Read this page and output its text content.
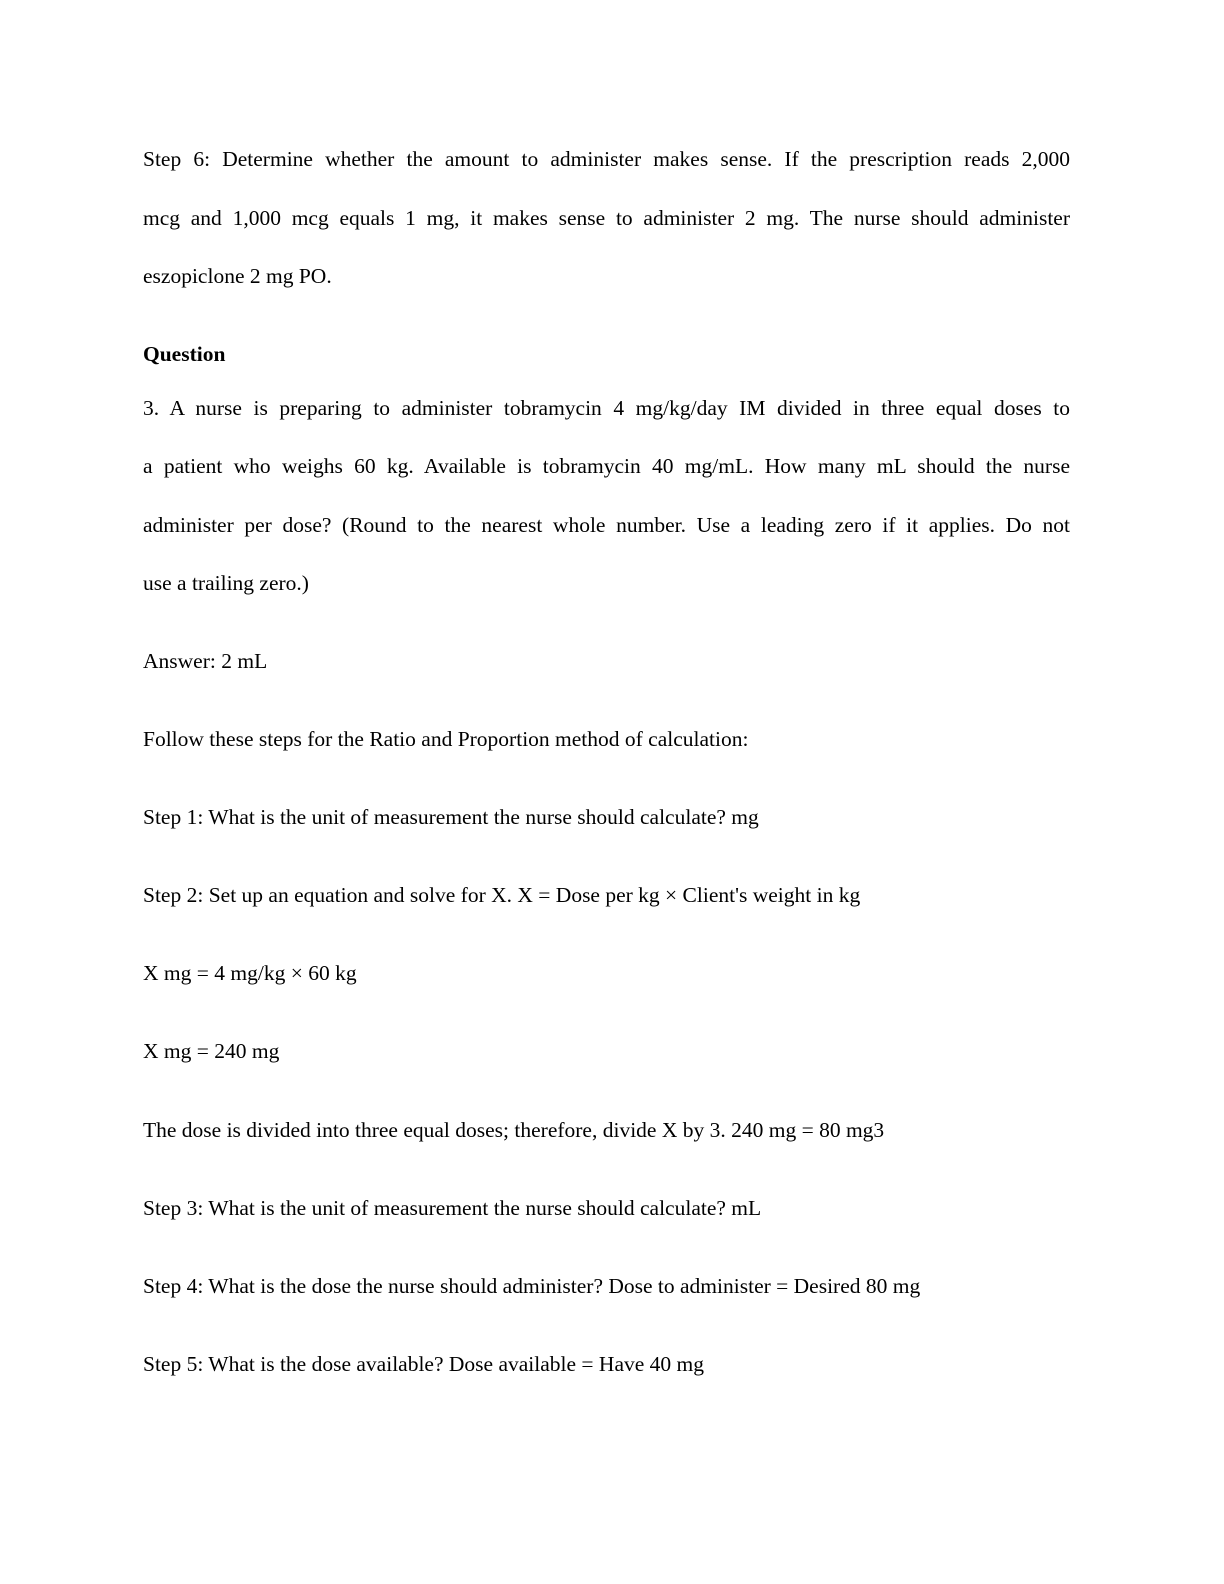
Step 6: Determine whether the amount to administer makes sense. If the prescription reads 2,000
mcg and 1,000 mcg equals 1 mg, it makes sense to administer 2 mg. The nurse should administer
eszopiclone 2 mg PO.
Question
3. A nurse is preparing to administer tobramycin 4 mg/kg/day IM divided in three equal doses to
a patient who weighs 60 kg. Available is tobramycin 40 mg/mL. How many mL should the nurse
administer per dose? (Round to the nearest whole number. Use a leading zero if it applies. Do not
use a trailing zero.)
Answer: 2 mL
Follow these steps for the Ratio and Proportion method of calculation:
Step 1: What is the unit of measurement the nurse should calculate? mg
Step 2: Set up an equation and solve for X. X = Dose per kg × Client's weight in kg
X mg = 4 mg/kg × 60 kg
X mg = 240 mg
The dose is divided into three equal doses; therefore, divide X by 3. 240 mg = 80 mg3
Step 3: What is the unit of measurement the nurse should calculate? mL
Step 4: What is the dose the nurse should administer? Dose to administer = Desired 80 mg
Step 5: What is the dose available? Dose available = Have 40 mg
